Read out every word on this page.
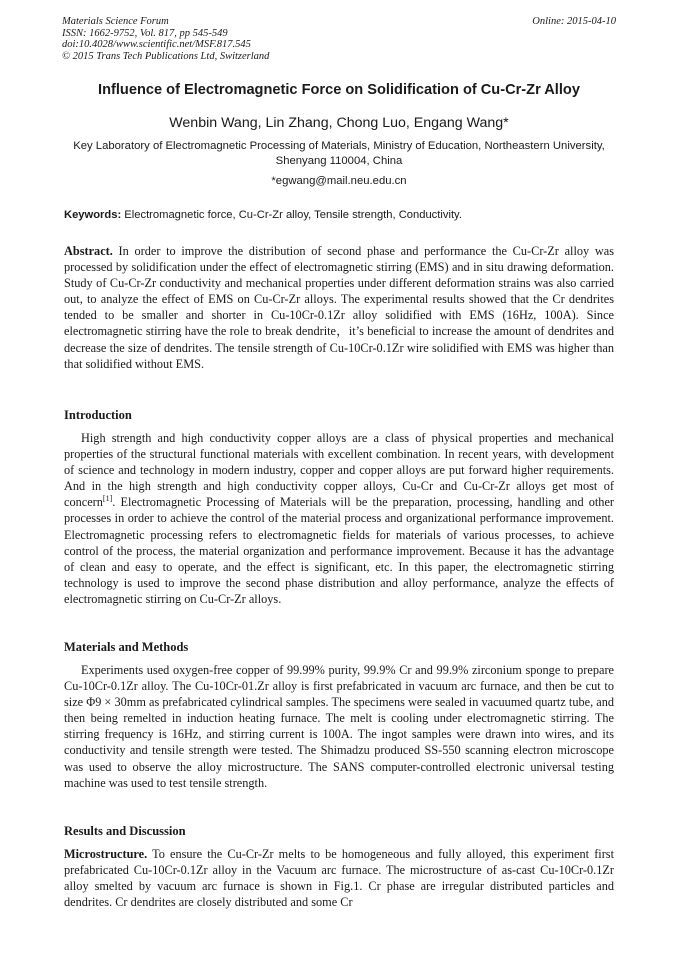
Materials Science Forum
ISSN: 1662-9752, Vol. 817, pp 545-549
doi:10.4028/www.scientific.net/MSF.817.545
© 2015 Trans Tech Publications Ltd, Switzerland
Online: 2015-04-10
Influence of Electromagnetic Force on Solidification of Cu-Cr-Zr Alloy
Wenbin Wang, Lin Zhang, Chong Luo, Engang Wang*
Key Laboratory of Electromagnetic Processing of Materials, Ministry of Education, Northeastern University, Shenyang 110004, China
*egwang@mail.neu.edu.cn
Keywords: Electromagnetic force, Cu-Cr-Zr alloy, Tensile strength, Conductivity.
Abstract. In order to improve the distribution of second phase and performance the Cu-Cr-Zr alloy was processed by solidification under the effect of electromagnetic stirring (EMS) and in situ drawing deformation. Study of Cu-Cr-Zr conductivity and mechanical properties under different deformation strains was also carried out, to analyze the effect of EMS on Cu-Cr-Zr alloys. The experimental results showed that the Cr dendrites tended to be smaller and shorter in Cu-10Cr-0.1Zr alloy solidified with EMS (16Hz, 100A). Since electromagnetic stirring have the role to break dendrite，it’s beneficial to increase the amount of dendrites and decrease the size of dendrites. The tensile strength of Cu-10Cr-0.1Zr wire solidified with EMS was higher than that solidified without EMS.
Introduction
High strength and high conductivity copper alloys are a class of physical properties and mechanical properties of the structural functional materials with excellent combination. In recent years, with development of science and technology in modern industry, copper and copper alloys are put forward higher requirements. And in the high strength and high conductivity copper alloys, Cu-Cr and Cu-Cr-Zr alloys get most of concern[1]. Electromagnetic Processing of Materials will be the preparation, processing, handling and other processes in order to achieve the control of the material process and organizational performance improvement. Electromagnetic processing refers to electromagnetic fields for materials of various processes, to achieve control of the process, the material organization and performance improvement. Because it has the advantage of clean and easy to operate, and the effect is significant, etc. In this paper, the electromagnetic stirring technology is used to improve the second phase distribution and alloy performance, analyze the effects of electromagnetic stirring on Cu-Cr-Zr alloys.
Materials and Methods
Experiments used oxygen-free copper of 99.99% purity, 99.9% Cr and 99.9% zirconium sponge to prepare Cu-10Cr-0.1Zr alloy. The Cu-10Cr-01.Zr alloy is first prefabricated in vacuum arc furnace, and then be cut to size Φ9 × 30mm as prefabricated cylindrical samples. The specimens were sealed in vacuumed quartz tube, and then being remelted in induction heating furnace. The melt is cooling under electromagnetic stirring. The stirring frequency is 16Hz, and stirring current is 100A. The ingot samples were drawn into wires, and its conductivity and tensile strength were tested. The Shimadzu produced SS-550 scanning electron microscope was used to observe the alloy microstructure. The SANS computer-controlled electronic universal testing machine was used to test tensile strength.
Results and Discussion
Microstructure. To ensure the Cu-Cr-Zr melts to be homogeneous and fully alloyed, this experiment first prefabricated Cu-10Cr-0.1Zr alloy in the Vacuum arc furnace. The microstructure of as-cast Cu-10Cr-0.1Zr alloy smelted by vacuum arc furnace is shown in Fig.1. Cr phase are irregular distributed particles and dendrites. Cr dendrites are closely distributed and some Cr
